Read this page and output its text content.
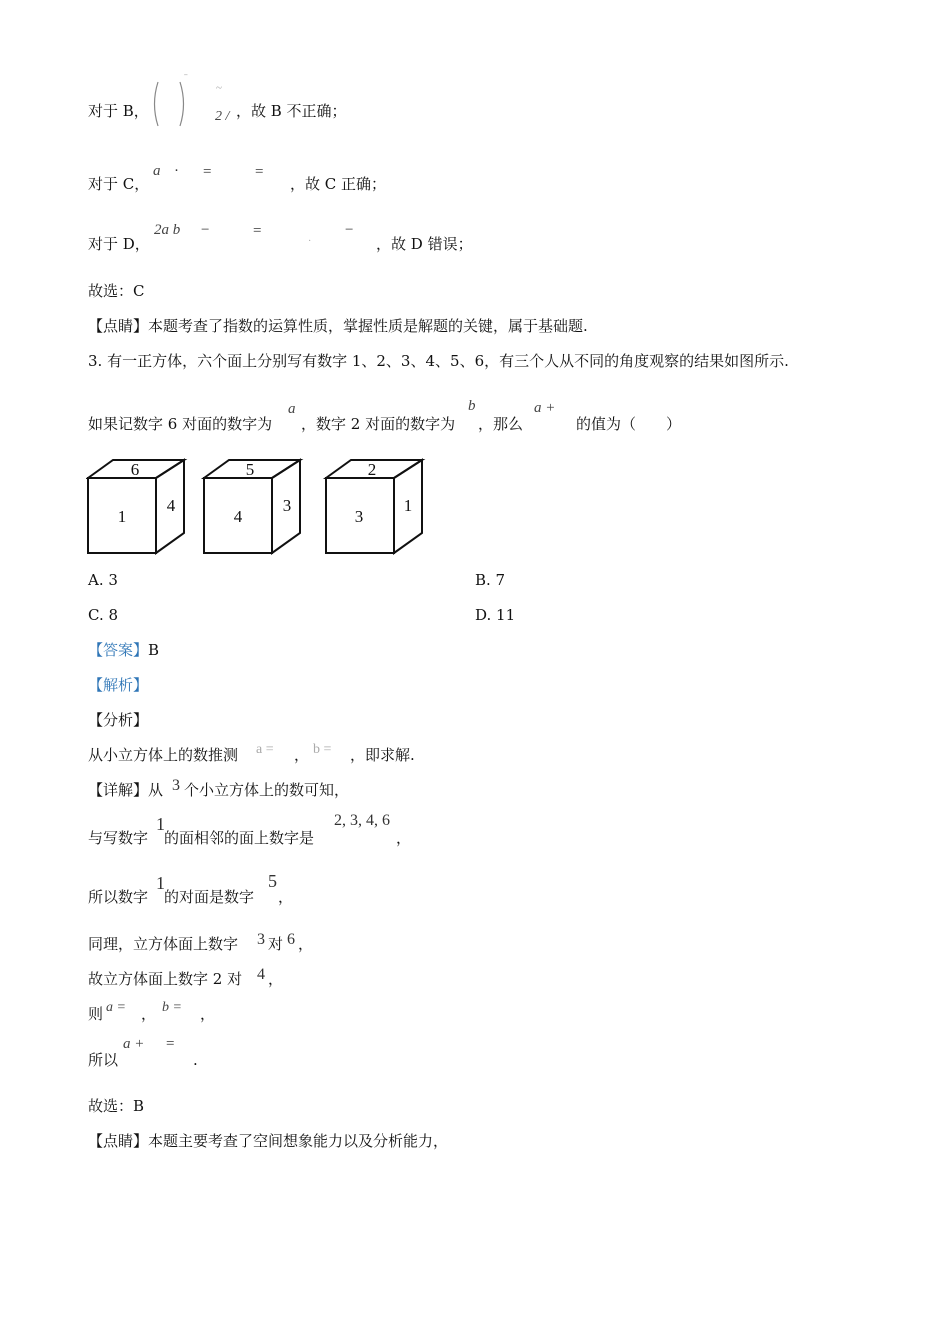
对于 B，
ˉ
~
2 / ，故 B 不正确；
对于 C，
a · =	=
，故 C 正确；
对于 D，
2a b −	=	−
·	，故 D 错误；
故选：C
【点睛】本题考查了指数的运算性质，掌握性质是解题的关键，属于基础题.
3. 有一正方体，六个面上分别写有数字 1、2、3、4、5、6，有三个人从不同的角度观察的结果如图所示.
如果记数字 6 对面的数字为
a
，数字 2 对面的数字为
b
，那么
a +
的值为（　　）
6
1
4
5
4
3
2
3
1
A. 3	B. 7
C. 8	D. 11
【答案】B
【解析】
【分析】
从小立方体上的数推测 a = ， b = ，即求解.
【详解】从 3 个小立方体上的数可知，
与写数字
1
的面相邻的面上数字是
2, 3, 4, 6
，
所以数字
1
的对面是数字
5
，
同理，立方体面上数字 3 对 6 ，
故立方体面上数字 2 对 4 ，
则 a = ， b = ，
所以
a + =
.
故选：B
【点睛】本题主要考查了空间想象能力以及分析能力，
